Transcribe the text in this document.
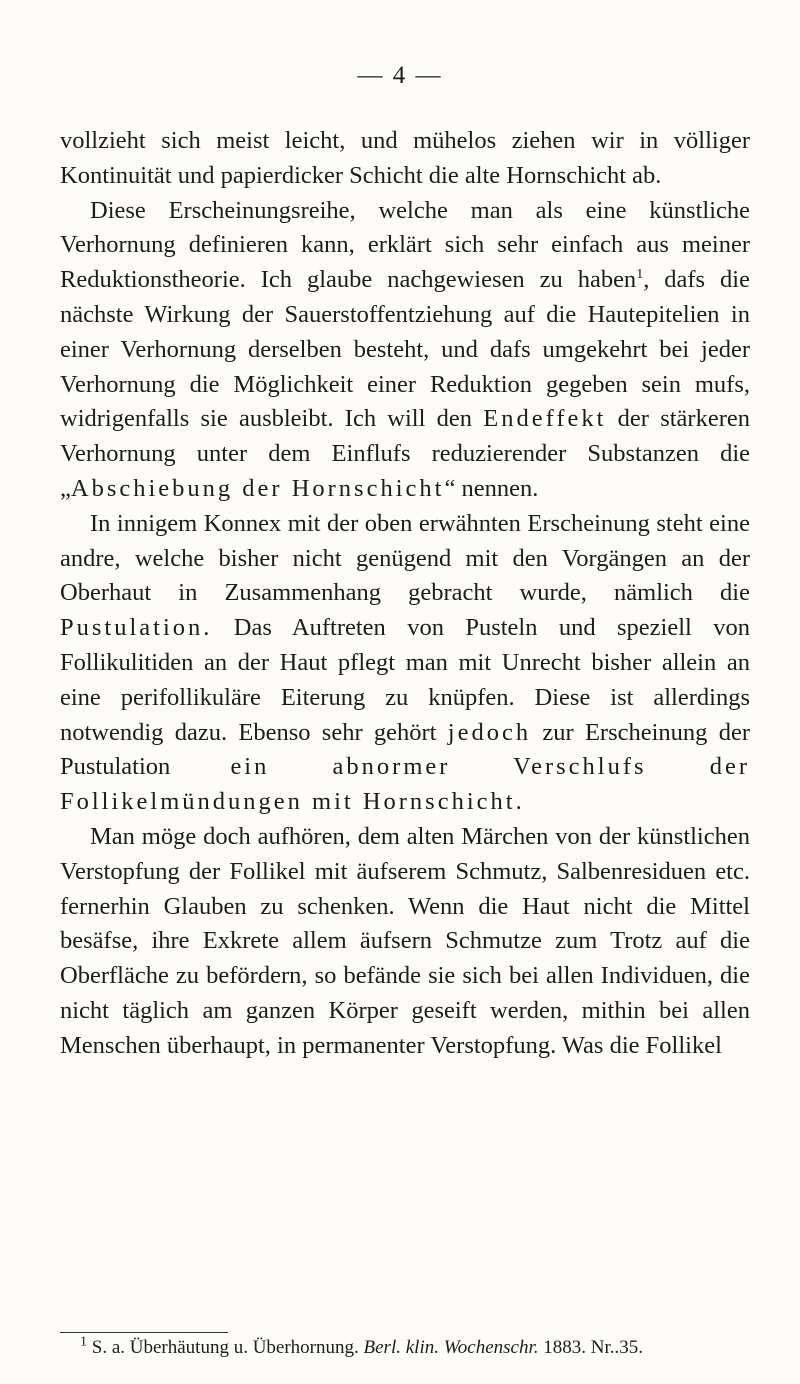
— 4 —

vollzieht sich meist leicht, und mühelos ziehen wir in völliger Kontinuität und papierdicker Schicht die alte Hornschicht ab.

Diese Erscheinungsreihe, welche man als eine künstliche Verhornung definieren kann, erklärt sich sehr einfach aus meiner Reduktionstheorie. Ich glaube nachgewiesen zu haben$^1$, dafs die nächste Wirkung der Sauerstoffentziehung auf die Hautepitelien in einer Verhornung derselben besteht, und dafs umgekehrt bei jeder Verhornung die Möglichkeit einer Reduktion gegeben sein mufs, widrigenfalls sie ausbleibt. Ich will den Endeffekt der stärkeren Verhornung unter dem Einflufs reduzierender Substanzen die „Abschiebung der Hornschicht“ nennen.

In innigem Konnex mit der oben erwähnten Erscheinung steht eine andre, welche bisher nicht genügend mit den Vorgängen an der Oberhaut in Zusammenhang gebracht wurde, nämlich die Pustulation. Das Auftreten von Pusteln und speziell von Follikulitiden an der Haut pflegt man mit Unrecht bisher allein an eine perifollikuläre Eiterung zu knüpfen. Diese ist allerdings notwendig dazu. Ebenso sehr gehört jedoch zur Erscheinung der Pustulation ein abnormer Verschlufs der Follikelmündungen mit Hornschicht.

Man möge doch aufhören, dem alten Märchen von der künstlichen Verstopfung der Follikel mit äufserem Schmutz, Salbenresiduen etc. fernerhin Glauben zu schenken. Wenn die Haut nicht die Mittel besäfse, ihre Exkrete allem äufsern Schmutze zum Trotz auf die Oberfläche zu befördern, so befände sie sich bei allen Individuen, die nicht täglich am ganzen Körper geseift werden, mithin bei allen Menschen überhaupt, in permanenter Verstopfung. Was die Follikel

$^1$ S. a. Überhäutung u. Überhornung. Berl. klin. Wochenschr. 1883. Nr..35.
